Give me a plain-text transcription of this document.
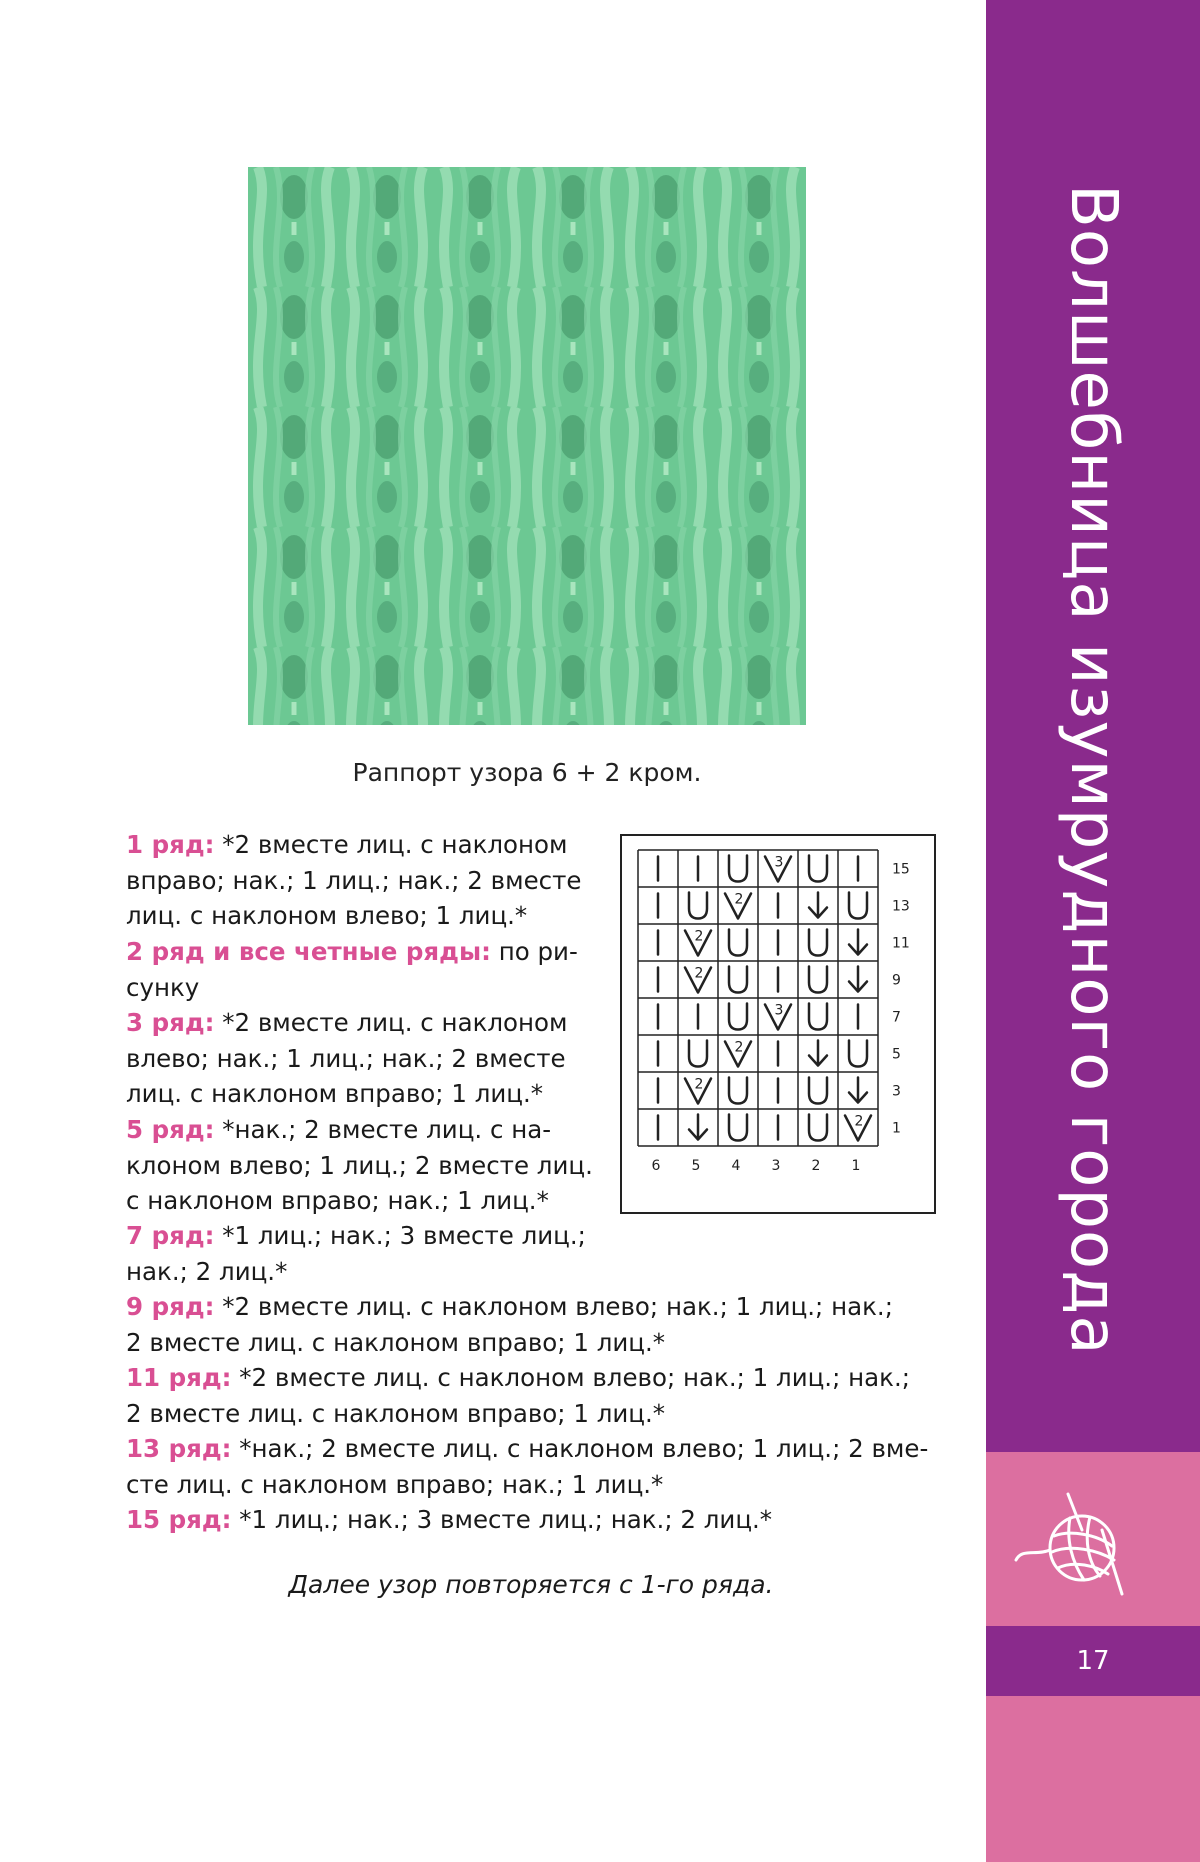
Раппорт узора 6 + 2 кром.
1 ряд: *2 вместе лиц. с наклоном
вправо; нак.; 1 лиц.; нак.; 2 вместе
лиц. с наклоном влево; 1 лиц.*
2 ряд и все четные ряды: по ри-
сунку
3 ряд: *2 вместе лиц. с наклоном
влево; нак.; 1 лиц.; нак.; 2 вместе
лиц. с наклоном вправо; 1 лиц.*
5 ряд: *нак.; 2 вместе лиц. с на-
клоном влево; 1 лиц.; 2 вместе лиц.
с наклоном вправо; нак.; 1 лиц.*
7 ряд: *1 лиц.; нак.; 3 вместе лиц.;
нак.; 2 лиц.*
9 ряд: *2 вместе лиц. с наклоном влево; нак.; 1 лиц.; нак.;
2 вместе лиц. с наклоном вправо; 1 лиц.*
11 ряд: *2 вместе лиц. с наклоном влево; нак.; 1 лиц.; нак.;
2 вместе лиц. с наклоном вправо; 1 лиц.*
13 ряд: *нак.; 2 вместе лиц. с наклоном влево; 1 лиц.; 2 вме-
сте лиц. с наклоном вправо; нак.; 1 лиц.*
15 ряд: *1 лиц.; нак.; 3 вместе лиц.; нак.; 2 лиц.*
Далее узор повторяется с 1-го ряда.
3
2
2
2
3
2
2
2
15
13
11
9
7
5
3
1
6 5 4 3 2 1	Волшебница изумрудного города
17
